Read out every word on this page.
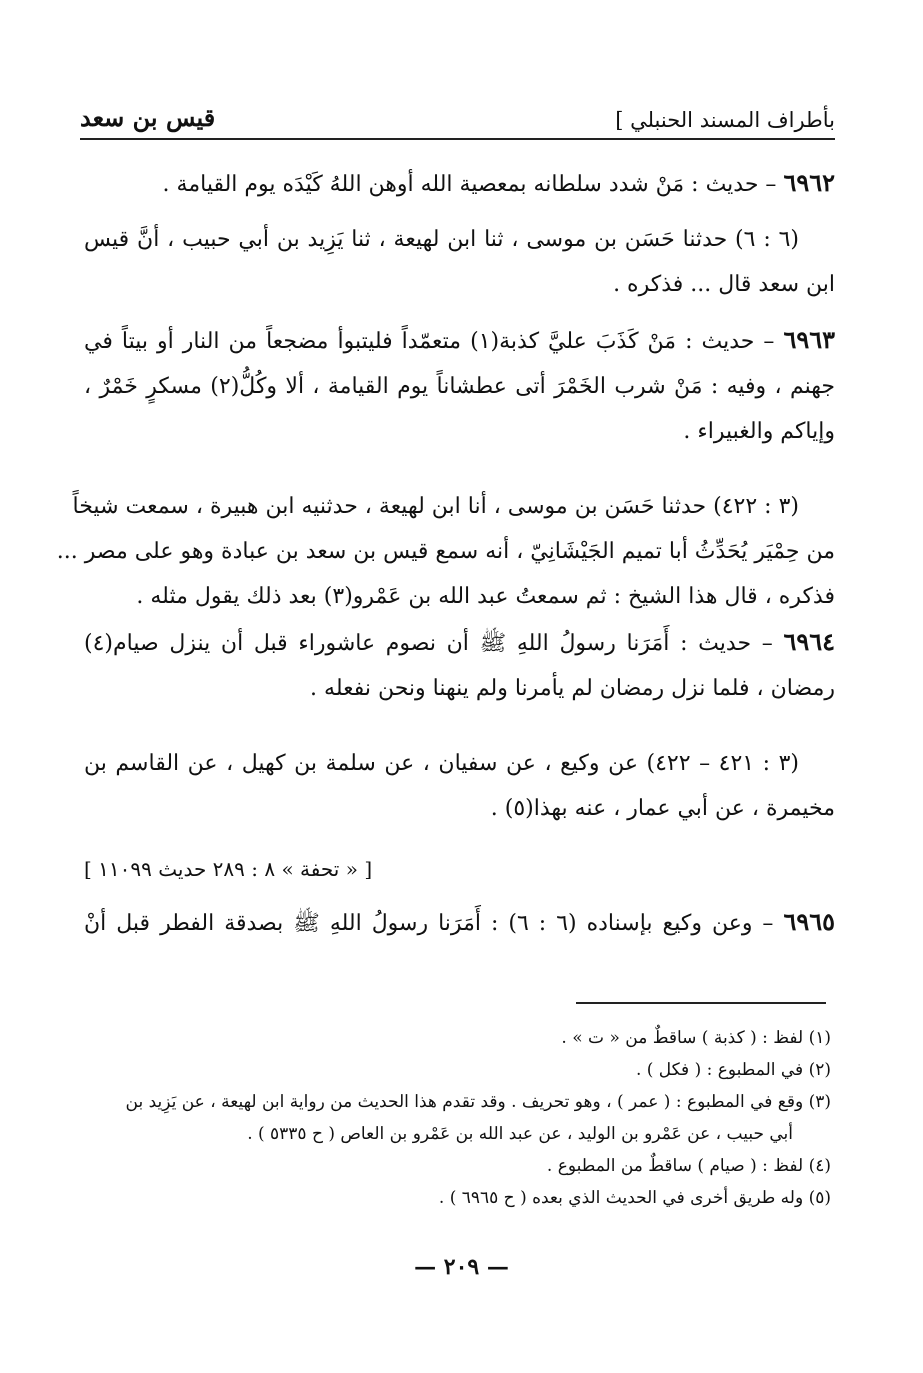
بأطراف المسند الحنبلي ]
قيس بن سعد
٦٩٦٢ – حديث : مَنْ شدد سلطانه بمعصية الله أوهن اللهُ كَيْدَه يوم القيامة .
(٦ : ٦) حدثنا حَسَن بن موسى ، ثنا ابن لهيعة ، ثنا يَزِيد بن أبي حبيب ، أنَّ قيس
ابن سعد قال ... فذكره .
٦٩٦٣ – حديث : مَنْ كَذَبَ عليَّ كذبة(١) متعمّداً فليتبوأ مضجعاً من النار أو بيتاً في
جهنم ، وفيه : مَنْ شرب الخَمْرَ أتى عطشاناً يوم القيامة ، ألا وكُلُّ(٢) مسكرٍ خَمْرٌ ،
وإياكم والغبيراء .
(٣ : ٤٢٢) حدثنا حَسَن بن موسى ، أنا ابن لهيعة ، حدثنيه ابن هبيرة ، سمعت شيخاً
من حِمْيَر يُحَدِّثُ أبا تميم الجَيْشَانِيّ ، أنه سمع قيس بن سعد بن عبادة وهو على مصر ...
فذكره ، قال هذا الشيخ : ثم سمعتُ عبد الله بن عَمْرو(٣) بعد ذلك يقول مثله .
٦٩٦٤ – حديث : أَمَرَنا رسولُ اللهِ ﷺ أن نصوم عاشوراء قبل أن ينزل صيام(٤)
رمضان ، فلما نزل رمضان لم يأمرنا ولم ينهنا ونحن نفعله .
(٣ : ٤٢١ – ٤٢٢) عن وكيع ، عن سفيان ، عن سلمة بن كهيل ، عن القاسم بن
مخيمرة ، عن أبي عمار ، عنه بهذا(٥) .
[ « تحفة » ٨ : ٢٨٩ حديث ١١٠٩٩ ]
٦٩٦٥ – وعن وكيع بإسناده (٦ : ٦) : أَمَرَنا رسولُ اللهِ ﷺ بصدقة الفطر قبل أنْ
(١) لفظ : ( كذبة ) ساقطٌ من « ت » .
(٢) في المطبوع : ( فكل ) .
(٣) وقع في المطبوع : ( عمر ) ، وهو تحريف . وقد تقدم هذا الحديث من رواية ابن لهيعة ، عن يَزِيد بن
أبي حبيب ، عن عَمْرو بن الوليد ، عن عبد الله بن عَمْرو بن العاص ( ح ٥٣٣٥ ) .
(٤) لفظ : ( صيام ) ساقطٌ من المطبوع .
(٥) وله طريق أخرى في الحديث الذي بعده ( ح ٦٩٦٥ ) .
— ٢٠٩ —
